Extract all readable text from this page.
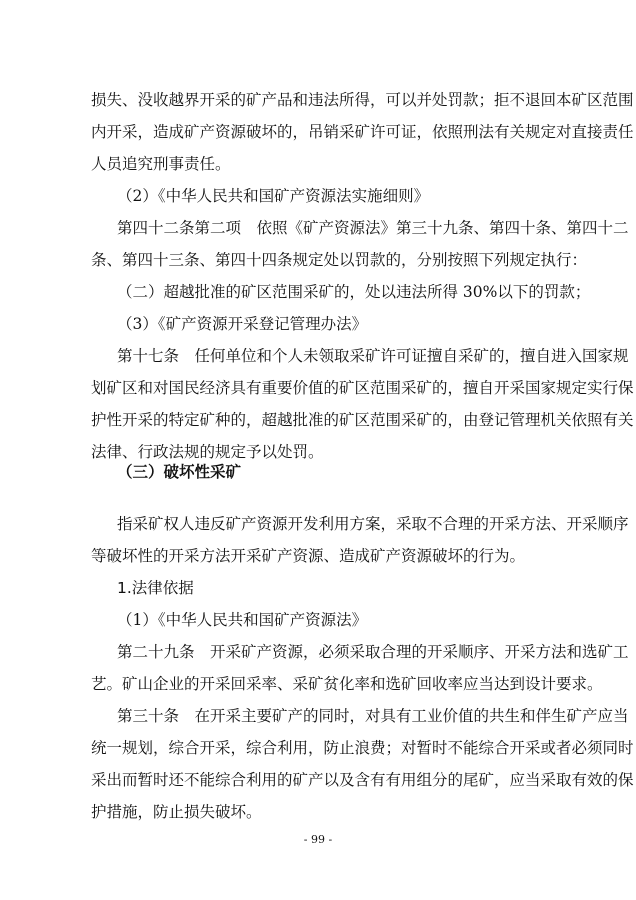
损失、没收越界开采的矿产品和违法所得，可以并处罚款；拒不退回本矿区范围
内开采，造成矿产资源破坏的，吊销采矿许可证，依照刑法有关规定对直接责任
人员追究刑事责任。
（2）《中华人民共和国矿产资源法实施细则》
第四十二条第二项　依照《矿产资源法》第三十九条、第四十条、第四十二
条、第四十三条、第四十四条规定处以罚款的，分别按照下列规定执行：
（二）超越批准的矿区范围采矿的，处以违法所得 30%以下的罚款；
（3）《矿产资源开采登记管理办法》
第十七条　任何单位和个人未领取采矿许可证擅自采矿的，擅自进入国家规
划矿区和对国民经济具有重要价值的矿区范围采矿的，擅自开采国家规定实行保
护性开采的特定矿种的，超越批准的矿区范围采矿的，由登记管理机关依照有关
法律、行政法规的规定予以处罚。
（三）破坏性采矿
指采矿权人违反矿产资源开发利用方案，采取不合理的开采方法、开采顺序
等破坏性的开采方法开采矿产资源、造成矿产资源破坏的行为。
1.法律依据
（1）《中华人民共和国矿产资源法》
第二十九条　开采矿产资源，必须采取合理的开采顺序、开采方法和选矿工
艺。矿山企业的开采回采率、采矿贫化率和选矿回收率应当达到设计要求。
第三十条　在开采主要矿产的同时，对具有工业价值的共生和伴生矿产应当
统一规划，综合开采，综合利用，防止浪费；对暂时不能综合开采或者必须同时
采出而暂时还不能综合利用的矿产以及含有有用组分的尾矿，应当采取有效的保
护措施，防止损失破坏。
- 99 -
